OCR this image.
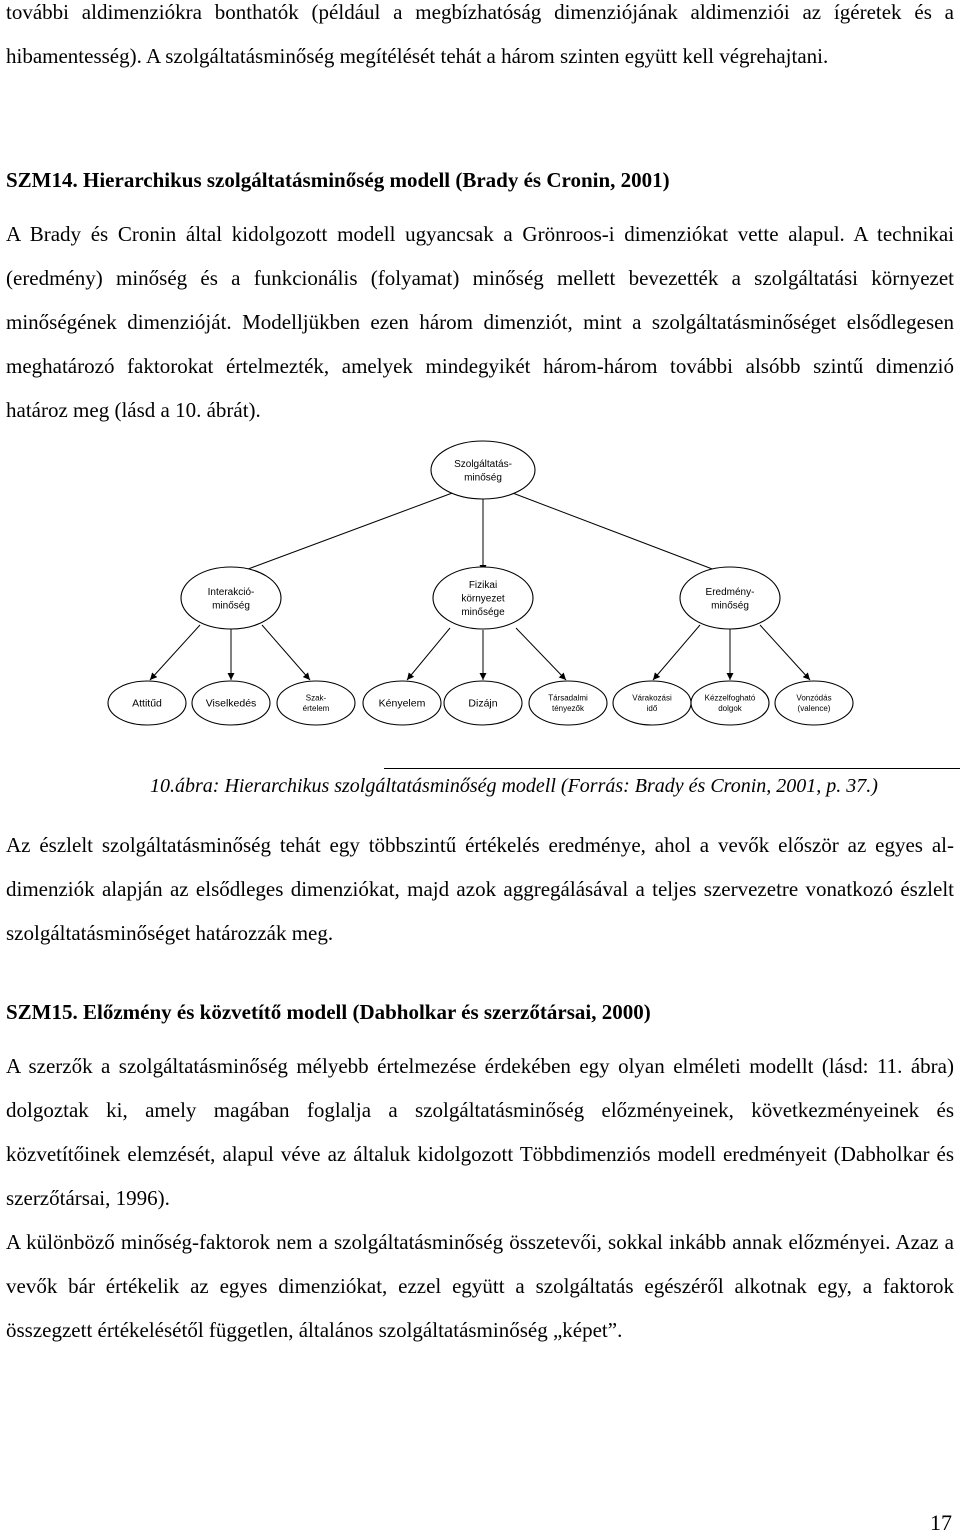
további aldimenziókra bonthatók (például a megbízhatóság dimenziójának aldimenziói az ígéretek és a hibamentesség). A szolgáltatásminőség megítélését tehát a három szinten együtt kell végrehajtani.

SZM14. Hierarchikus szolgáltatásminőség modell (Brady és Cronin, 2001)

A Brady és Cronin által kidolgozott modell ugyancsak a Grönroos-i dimenziókat vette alapul. A technikai (eredmény) minőség és a funkcionális (folyamat) minőség mellett bevezették a szolgáltatási környezet minőségének dimenzióját. Modelljükben ezen három dimenziót, mint a szolgáltatásminőséget elsődlegesen meghatározó faktorokat értelmezték, amelyek mindegyikét három-három további alsóbb szintű dimenzió határoz meg (lásd a 10. ábrát).

Szolgáltatás-
minőség
Interakció-
minőség
Fizikai
környezet
minősége
Eredmény-
minőség
Attitűd	Viselkedés	Szak-
értelem	Kényelem	Dizájn	Társadalmi
tényezők
Várakozási
idő
Kézzelfogható
dolgok
Vonzódás
(valence)

10.ábra: Hierarchikus szolgáltatásminőség modell (Forrás: Brady és Cronin, 2001, p. 37.)

Az észlelt szolgáltatásminőség tehát egy többszintű értékelés eredménye, ahol a vevők először az egyes al-dimenziók alapján az elsődleges dimenziókat, majd azok aggregálásával a teljes szervezetre vonatkozó észlelt szolgáltatásminőséget határozzák meg.

SZM15. Előzmény és közvetítő modell (Dabholkar és szerzőtársai, 2000)

A szerzők a szolgáltatásminőség mélyebb értelmezése érdekében egy olyan elméleti modellt (lásd: 11. ábra) dolgoztak ki, amely magában foglalja a szolgáltatásminőség előzményeinek, következményeinek és közvetítőinek elemzését, alapul véve az általuk kidolgozott Többdimenziós modell eredményeit (Dabholkar és szerzőtársai, 1996).

A különböző minőség-faktorok nem a szolgáltatásminőség összetevői, sokkal inkább annak előzményei. Azaz a vevők bár értékelik az egyes dimenziókat, ezzel együtt a szolgáltatás egészéről alkotnak egy, a faktorok összegzett értékelésétől független, általános szolgáltatásminőség „képet”.

17
